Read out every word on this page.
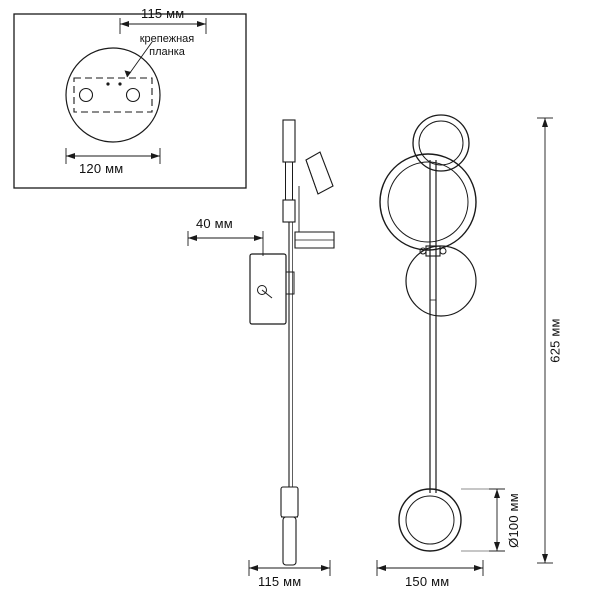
115 мм
крепежная
планка
120 мм
40 мм
115 мм
625 мм
Ø100 мм
150 мм
